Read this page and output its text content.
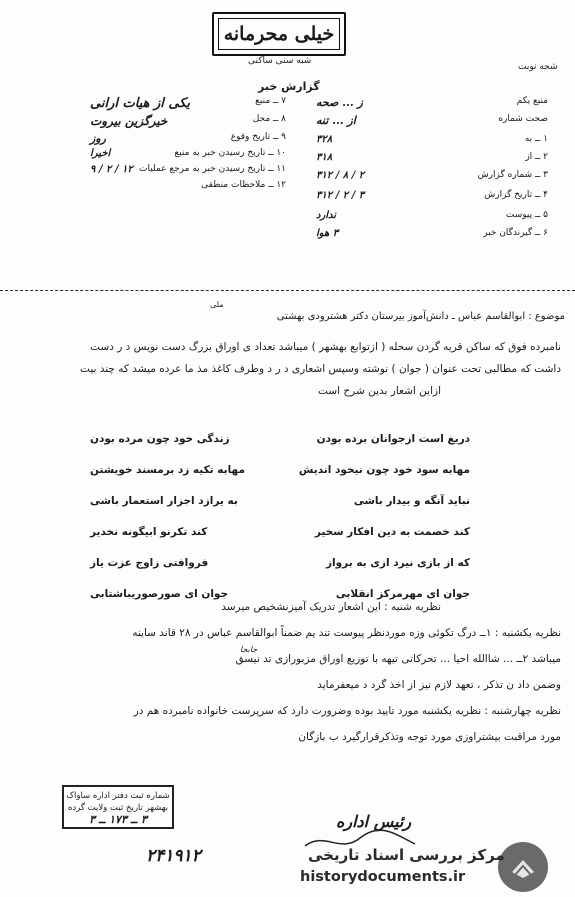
خیلی محرمانه
شبه سنی ساکنی
گزارش خبر
شجه نوبت
۷ ــ منبع
یکی از هیات ارانی
۸ ــ محل
خیرگزین بیروت
۹ ــ تاریخ وقوع
روز
۱۰ ــ تاریخ رسیدن خبر به منبع
اخیرا
۱۱ ــ تاریخ رسیدن خبر به مرجع عملیات
۱۲ / ۲ / ۹
۱۲ ــ ملاحظات منطقی
منبع یکم
ز ... صحه
صحت شماره
از ... تنه
۱ ــ به
۳۲۸
۲ ــ از
۳۱۸
۳ ــ شماره گزارش
۲ / ۸ / ۳۱۲
۴ ــ تاریخ گزارش
۳ / ۲ / ۳۱۲
۵ ــ پیوست
ندارد
۶ ــ گیرندگان خبر
۳ هوا
ملی
موضوع : ابوالقاسم عباس ـ دانش‌آموز بیرستان دکتر هشترودی بهشتی
نامبرده فوق که ساکن قریه گردن سحله ( ازتوابع بهشهر ) میباشد تعداد ی اوراق بزرگ دست نویس د ر دست
داشت که مطالبی تحت عنوان ( جوان ) نوشته وسپس اشعاری د ر د وطرف کاغذ مذ ما عرده میشد که چند بیت
ازاین اشعار بدین شرح است
دریغ است ازجوانان برده بودن
زندگی خود چون مرده بودن
مهابه سود خود چون نیخود اندیش
مهابه تکیه زد برمسند خویشتن
نباید آنگه و بیدار باشی
به یرازد اجزار استعمار باشی
کند خصمت به دین افکار سخیر
کند تکرنو ابیگونه نخدیر
که از بازی نیرد ازی به برواز
فروافتی زاوج عزت یاز
جوان ای مهرمرکز انقلابی
جوان ای صورصوریباشتابی
نظریه شنبه : این اشعار تدریک آمیزنشخیص میرسد
نظریه یکشنبه : ۱ــ درگ تکوئی وزه موردنظر پیوست تند یم ضمناً ابوالقاسم عباس در ۲۸ قاند ساینه
میباشد ۲ــ ... شاالله احیا ... تحرکاتی تیهه با توزیع اوراق مزبورازی تد نیسق
وضمن داد ن تذکر ، تعهد لازم نیز از اخذ گرد د میعفرماید
نظریه چهارشنبه : نظریه یکشنبه مورد تایید بوده وضرورت دارد که سرپرست خانواده نامبرده هم در
مورد مراقبت بیشتراوزی مورد توجه وتذکرقرارگیرد ب بازگان
جابجا
شماره ثبت دفتر اداره ساواک
بهشهر تاریخ ثبت ولایت گرده
۳ ــ ۱۷۳ ــ ۳	رئیس اداره
۲۴۱۹۱۲	مرکز بررسی اسناد تاریخی
historydocuments.ir
